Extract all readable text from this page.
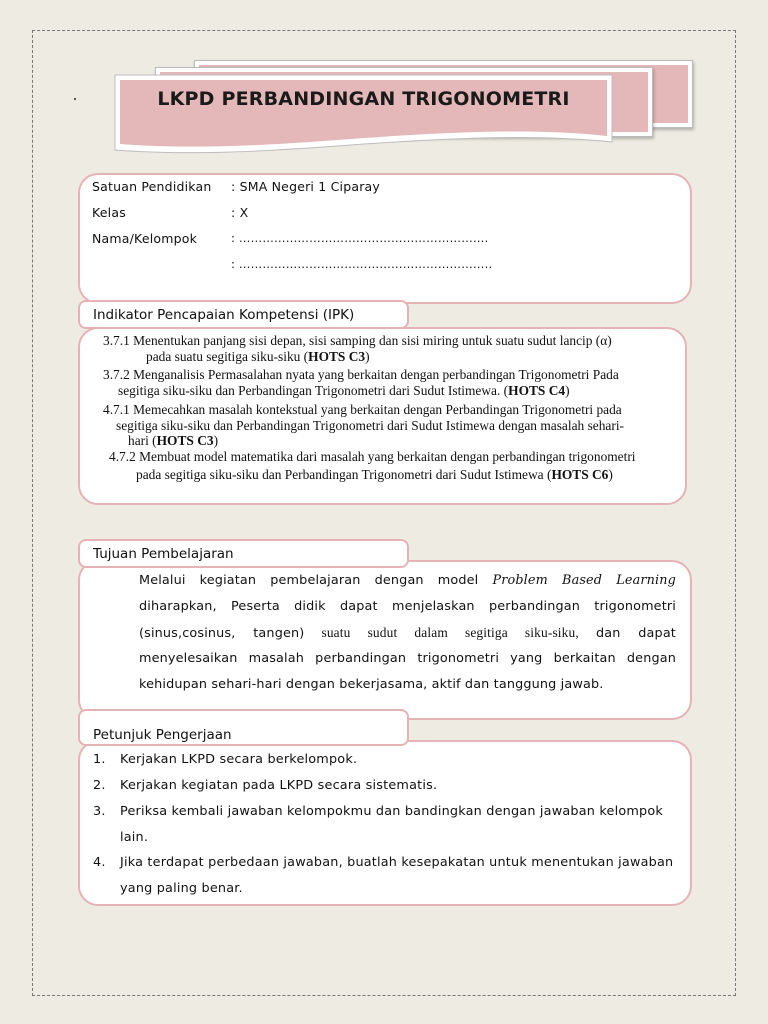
LKPD PERBANDINGAN TRIGONOMETRI
Satuan Pendidikan : SMA Negeri 1 Ciparay
Kelas	: X
Nama/Kelompok	: ……………………………………………………….
: ………………………………………………………..
Indikator Pencapaian Kompetensi (IPK)
3.7.1 Menentukan panjang sisi depan, sisi samping dan sisi miring untuk suatu sudut lancip (α)
pada suatu segitiga siku-siku (HOTS C3)
3.7.2 Menganalisis Permasalahan nyata yang berkaitan dengan perbandingan Trigonometri Pada
segitiga siku-siku dan Perbandingan Trigonometri dari Sudut Istimewa. (HOTS C4)
4.7.1 Memecahkan masalah kontekstual yang berkaitan dengan Perbandingan Trigonometri pada
segitiga siku-siku dan Perbandingan Trigonometri dari Sudut Istimewa dengan masalah sehari-
hari (HOTS C3)
4.7.2 Membuat model matematika dari masalah yang berkaitan dengan perbandingan trigonometri
pada segitiga siku-siku dan Perbandingan Trigonometri dari Sudut Istimewa (HOTS C6)
Tujuan Pembelajaran
Melalui kegiatan pembelajaran dengan model Problem Based Learning
diharapkan, Peserta didik dapat menjelaskan perbandingan trigonometri
(sinus,cosinus, tangen) suatu sudut dalam segitiga siku-siku, dan dapat
menyelesaikan masalah perbandingan trigonometri yang berkaitan dengan
kehidupan sehari-hari dengan bekerjasama, aktif dan tanggung jawab.
Petunjuk Pengerjaan
1. Kerjakan LKPD secara berkelompok.
2. Kerjakan kegiatan pada LKPD secara sistematis.
3. Periksa kembali jawaban kelompokmu dan bandingkan dengan jawaban kelompok
lain.
4. Jika terdapat perbedaan jawaban, buatlah kesepakatan untuk menentukan jawaban
yang paling benar.
